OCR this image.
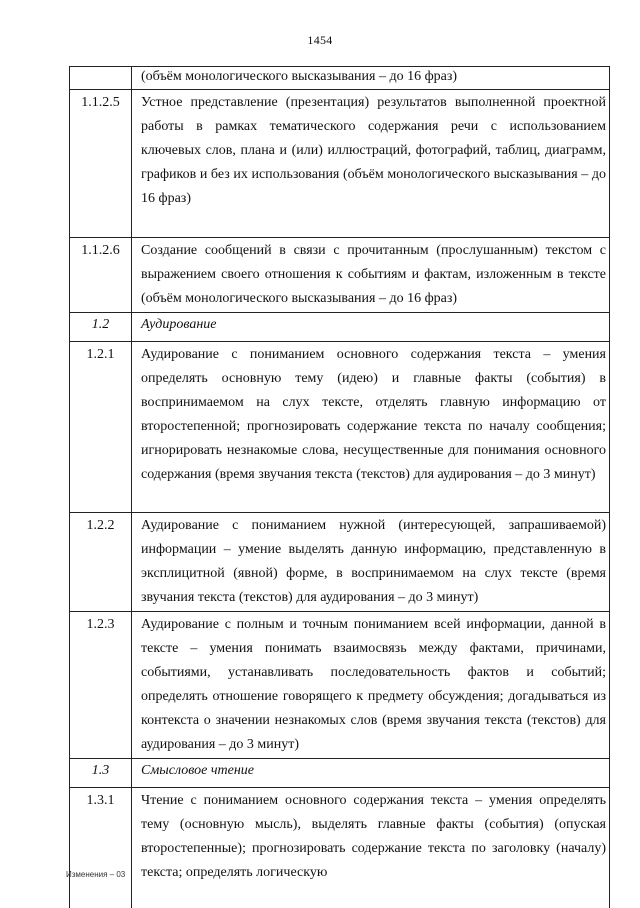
1454
	(объём монологического высказывания – до 16 фраз)
1.1.2.5	Устное представление (презентация) результатов выполненной проектной работы в рамках тематического содержания речи с использованием ключевых слов, плана и (или) иллюстраций, фотографий, таблиц, диаграмм, графиков и без их использования (объём монологического высказывания – до 16 фраз)
1.1.2.6	Создание сообщений в связи с прочитанным (прослушанным) текстом с выражением своего отношения к событиям и фактам, изложенным в тексте (объём монологического высказывания – до 16 фраз)
1.2	Аудирование
1.2.1	Аудирование с пониманием основного содержания текста – умения определять основную тему (идею) и главные факты (события) в воспринимаемом на слух тексте, отделять главную информацию от второстепенной; прогнозировать содержание текста по началу сообщения; игнорировать незнакомые слова, несущественные для понимания основного содержания (время звучания текста (текстов) для аудирования – до 3 минут)
1.2.2	Аудирование с пониманием нужной (интересующей, запрашиваемой) информации – умение выделять данную информацию, представленную в эксплицитной (явной) форме, в воспринимаемом на слух тексте (время звучания текста (текстов) для аудирования – до 3 минут)
1.2.3	Аудирование с полным и точным пониманием всей информации, данной в тексте – умения понимать взаимосвязь между фактами, причинами, событиями, устанавливать последовательность фактов и событий; определять отношение говорящего к предмету обсуждения; догадываться из контекста о значении незнакомых слов (время звучания текста (текстов) для аудирования – до 3 минут)
1.3	Смысловое чтение
1.3.1	Чтение с пониманием основного содержания текста – умения определять тему (основную мысль), выделять главные факты (события) (опуская второстепенные); прогнозировать содержание текста по заголовку (началу) текста; определять логическую
Изменения – 03
